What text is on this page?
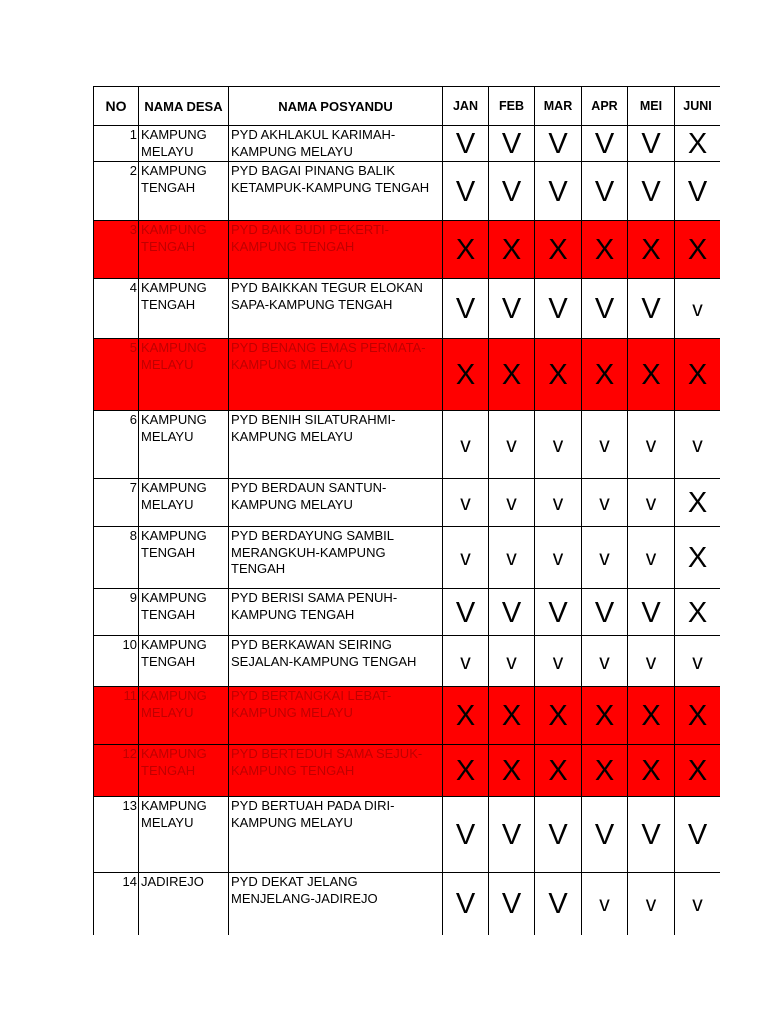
NO	NAMA DESA	NAMA POSYANDU	JAN	FEB	MAR	APR	MEI	JUNI
1	KAMPUNG MELAYU	PYD AKHLAKUL KARIMAH-KAMPUNG MELAYU	V	V	V	V	V	X
2	KAMPUNG TENGAH	PYD BAGAI PINANG BALIK KETAMPUK-KAMPUNG TENGAH	V	V	V	V	V	V
3	KAMPUNG TENGAH	PYD BAIK BUDI PEKERTI-KAMPUNG TENGAH	X	X	X	X	X	X
4	KAMPUNG TENGAH	PYD BAIKKAN TEGUR ELOKAN SAPA-KAMPUNG TENGAH	V	V	V	V	V	v
5	KAMPUNG MELAYU	PYD BENANG EMAS PERMATA-KAMPUNG MELAYU	X	X	X	X	X	X
6	KAMPUNG MELAYU	PYD BENIH SILATURAHMI-KAMPUNG MELAYU	v	v	v	v	v	v
7	KAMPUNG MELAYU	PYD BERDAUN SANTUN-KAMPUNG MELAYU	v	v	v	v	v	X
8	KAMPUNG TENGAH	PYD BERDAYUNG SAMBIL MERANGKUH-KAMPUNG TENGAH	v	v	v	v	v	X
9	KAMPUNG TENGAH	PYD BERISI SAMA PENUH-KAMPUNG TENGAH	V	V	V	V	V	X
10	KAMPUNG TENGAH	PYD BERKAWAN SEIRING SEJALAN-KAMPUNG TENGAH	v	v	v	v	v	v
11	KAMPUNG MELAYU	PYD BERTANGKAI LEBAT-KAMPUNG MELAYU	X	X	X	X	X	X
12	KAMPUNG TENGAH	PYD BERTEDUH SAMA SEJUK-KAMPUNG TENGAH	X	X	X	X	X	X
13	KAMPUNG MELAYU	PYD BERTUAH PADA DIRI-KAMPUNG MELAYU	V	V	V	V	V	V
14	JADIREJO	PYD DEKAT JELANG MENJELANG-JADIREJO	V	V	V	v	v	v
